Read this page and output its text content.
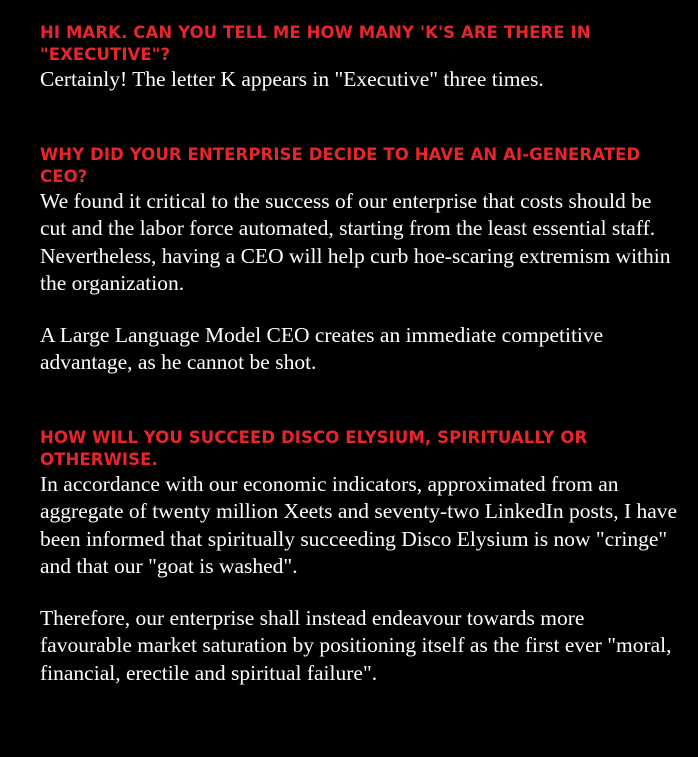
HI MARK. CAN YOU TELL ME HOW MANY 'K'S ARE THERE IN "EXECUTIVE"?

Certainly! The letter K appears in "Executive" three times.

WHY DID YOUR ENTERPRISE DECIDE TO HAVE AN AI-GENERATED CEO?

We found it critical to the success of our enterprise that costs should be cut and the labor force automated, starting from the least essential staff. Nevertheless, having a CEO will help curb hoe-scaring extremism within the organization.

A Large Language Model CEO creates an immediate competitive advantage, as he cannot be shot.

HOW WILL YOU SUCCEED DISCO ELYSIUM, SPIRITUALLY OR OTHERWISE.

In accordance with our economic indicators, approximated from an aggregate of twenty million Xeets and seventy-two LinkedIn posts, I have been informed that spiritually succeeding Disco Elysium is now "cringe" and that our "goat is washed".

Therefore, our enterprise shall instead endeavour towards more favourable market saturation by positioning itself as the first ever "moral, financial, erectile and spiritual failure".
